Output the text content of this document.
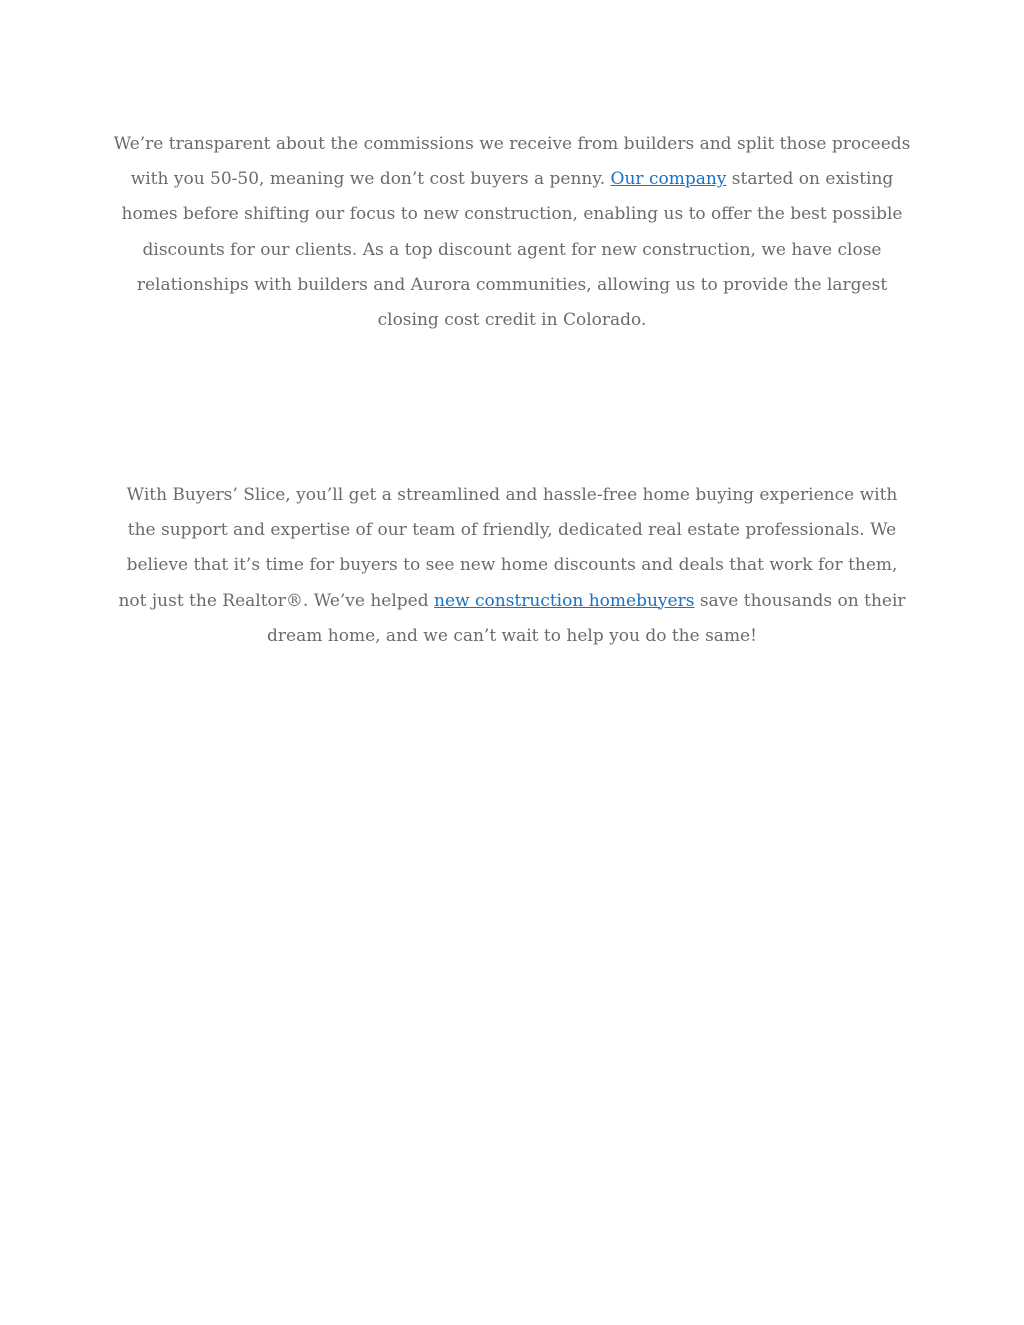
We’re transparent about the commissions we receive from builders and split those proceeds with you 50-50, meaning we don’t cost buyers a penny. Our company started on existing homes before shifting our focus to new construction, enabling us to offer the best possible discounts for our clients. As a top discount agent for new construction, we have close relationships with builders and Aurora communities, allowing us to provide the largest closing cost credit in Colorado.

With Buyers’ Slice, you’ll get a streamlined and hassle-free home buying experience with the support and expertise of our team of friendly, dedicated real estate professionals. We believe that it’s time for buyers to see new home discounts and deals that work for them, not just the Realtor®. We’ve helped new construction homebuyers save thousands on their dream home, and we can’t wait to help you do the same!
